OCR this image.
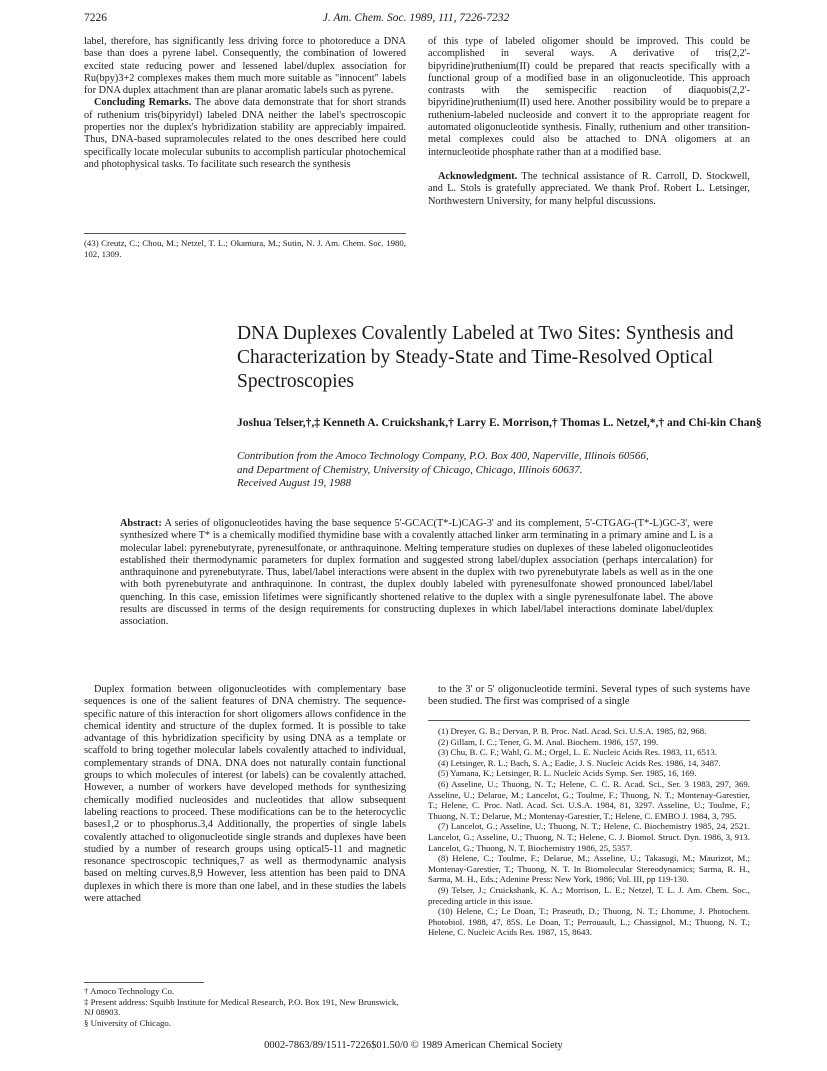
7226	J. Am. Chem. Soc. 1989, 111, 7226-7232

label, therefore, has significantly less driving force to photoreduce a DNA base than does a pyrene label. Consequently, the combination of lowered excited state reducing power and lessened label/duplex association for Ru(bpy)3+2 complexes makes them much more suitable as "innocent" labels for DNA duplex attachment than are planar aromatic labels such as pyrene.

Concluding Remarks. The above data demonstrate that for short strands of ruthenium tris(bipyridyl) labeled DNA neither the label's spectroscopic properties nor the duplex's hybridization stability are appreciably impaired. Thus, DNA-based supramolecules related to the ones described here could specifically locate molecular subunits to accomplish particular photochemical and photophysical tasks. To facilitate such research the synthesis

(43) Creutz, C.; Chou, M.; Netzel, T. L.; Okamura, M.; Sutin, N. J. Am. Chem. Soc. 1980, 102, 1309.

of this type of labeled oligomer should be improved. This could be accomplished in several ways. A derivative of tris(2,2'-bipyridine)ruthenium(II) could be prepared that reacts specifically with a functional group of a modified base in an oligonucleotide. This approach contrasts with the semispecific reaction of diaquobis(2,2'-bipyridine)ruthenium(II) used here. Another possibility would be to prepare a ruthenium-labeled nucleoside and convert it to the appropriate reagent for automated oligonucleotide synthesis. Finally, ruthenium and other transition-metal complexes could also be attached to DNA oligomers at an internucleotide phosphate rather than at a modified base.

Acknowledgment. The technical assistance of R. Carroll, D. Stockwell, and L. Stols is gratefully appreciated. We thank Prof. Robert L. Letsinger, Northwestern University, for many helpful discussions.

DNA Duplexes Covalently Labeled at Two Sites: Synthesis and Characterization by Steady-State and Time-Resolved Optical Spectroscopies
Joshua Telser,†,‡ Kenneth A. Cruickshank,† Larry E. Morrison,† Thomas L. Netzel,*,† and Chi-kin Chan§
Contribution from the Amoco Technology Company, P.O. Box 400, Naperville, Illinois 60566,
and Department of Chemistry, University of Chicago, Chicago, Illinois 60637.
Received August 19, 1988
Abstract: A series of oligonucleotides having the base sequence 5'-GCAC(T*-L)CAG-3' and its complement, 5'-CTGAG-(T*-L)GC-3', were synthesized where T* is a chemically modified thymidine base with a covalently attached linker arm terminating in a primary amine and L is a molecular label: pyrenebutyrate, pyrenesulfonate, or anthraquinone. Melting temperature studies on duplexes of these labeled oligonucleotides established their thermodynamic parameters for duplex formation and suggested strong label/duplex association (perhaps intercalation) for anthraquinone and pyrenebutyrate. Thus, label/label interactions were absent in the duplex with two pyrenebutyrate labels as well as in the one with both pyrenebutyrate and anthraquinone. In contrast, the duplex doubly labeled with pyrenesulfonate showed pronounced label/label quenching. In this case, emission lifetimes were significantly shortened relative to the duplex with a single pyrenesulfonate label. The above results are discussed in terms of the design requirements for constructing duplexes in which label/label interactions dominate label/duplex association.
Duplex formation between oligonucleotides with complementary base sequences is one of the salient features of DNA chemistry. The sequence-specific nature of this interaction for short oligomers allows confidence in the chemical identity and structure of the duplex formed. It is possible to take advantage of this hybridization specificity by using DNA as a template or scaffold to bring together molecular labels covalently attached to individual, complementary strands of DNA. DNA does not naturally contain functional groups to which molecules of interest (or labels) can be covalently attached. However, a number of workers have developed methods for synthesizing chemically modified nucleosides and nucleotides that allow subsequent labeling reactions to proceed. These modifications can be to the heterocyclic bases1,2 or to phosphorus.3,4 Additionally, the properties of single labels covalently attached to oligonucleotide single strands and duplexes have been studied by a number of research groups using optical5-11 and magnetic resonance spectroscopic techniques,7 as well as thermodynamic analysis based on melting curves.8,9 However, less attention has been paid to DNA duplexes in which there is more than one label, and in these studies the labels were attached

† Amoco Technology Co.

‡ Present address: Squibb Institute for Medical Research, P.O. Box 191, New Brunswick, NJ 08903.

§ University of Chicago.

to the 3' or 5' oligonucleotide termini. Several types of such systems have been studied. The first was comprised of a single

(1) Dreyer, G. B.; Dervan, P. B. Proc. Natl. Acad. Sci. U.S.A. 1985, 82, 968.

(2) Gillam, I. C.; Tener, G. M. Anal. Biochem. 1986, 157, 199.

(3) Chu, B. C. F.; Wahl, G. M.; Orgel, L. E. Nucleic Acids Res. 1983, 11, 6513.

(4) Letsinger, R. L.; Bach, S. A.; Eadie, J. S. Nucleic Acids Res. 1986, 14, 3487.

(5) Yamana, K.; Letsinger, R. L. Nucleic Acids Symp. Ser. 1985, 16, 169.

(6) Asseline, U.; Thuong, N. T.; Helene, C. C. R. Acad. Sci., Ser. 3 1983, 297, 369. Asseline, U.; Delarue, M.; Lancelot, G.; Toulme, F.; Thuong, N. T.; Montenay-Garestier, T.; Helene, C. Proc. Natl. Acad. Sci. U.S.A. 1984, 81, 3297. Asseline, U.; Toulme, F.; Thuong, N. T.; Delarue, M.; Montenay-Garestier, T.; Helene, C. EMBO J. 1984, 3, 795.

(7) Lancelot, G.; Asseline, U.; Thuong, N. T.; Helene, C. Biochemistry 1985, 24, 2521. Lancelot, G.; Asseline, U.; Thuong, N. T.; Helene, C. J. Biomol. Struct. Dyn. 1986, 3, 913. Lancelot, G.; Thuong, N. T. Biochemistry 1986, 25, 5357.

(8) Helene, C.; Toulme, F.; Delarue, M.; Asseline, U.; Takasugi, M.; Maurizot, M.; Montenay-Garestier, T.; Thuong, N. T. In Biomolecular Stereodynamics; Sarma, R. H., Sarma, M. H., Eds.; Adenine Press: New York, 1986; Vol. III, pp 119-130.

(9) Telser, J.; Cruickshank, K. A.; Morrison, L. E.; Netzel, T. L. J. Am. Chem. Soc., preceding article in this issue.

(10) Helene, C.; Le Doan, T.; Praseuth, D.; Thuong, N. T.; Lhomme, J. Photochem. Photobiol. 1988, 47, 85S. Le Doan, T.; Perrouault, L.; Chassignol, M.; Thuong, N. T.; Helene, C. Nucleic Acids Res. 1987, 15, 8643.

0002-7863/89/1511-7226$01.50/0 © 1989 American Chemical Society
